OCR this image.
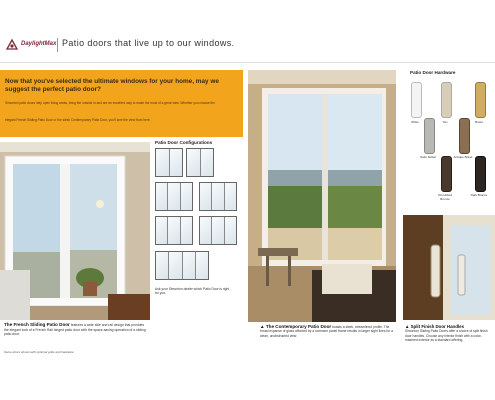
DaylightMax Patio doors that live up to our windows.
Now that you've selected the ultimate windows for your home, may we suggest the perfect patio door?
Simonton patio doors help open living areas, bring the outside in and are an excellent way to make the most of a great view. Whether you choose the
elegant French Sliding Patio Door or the sleek Contemporary Patio Door, you'll love the view from here.
The French Sliding Patio Door features a wide stile and rail design that provides the elegant look of a French Rail hinged patio door with the space-saving operation of a sliding patio door.
Some doors shown with optional grids and hardware
Patio Door Configurations
Ask your Simonton dealer which Patio Door is right for you.
▲ The Contemporary Patio Door boasts a sleek, streamlined profile. The broad expanse of glass afforded by a narrower panel frame results in larger sight lines for a clean, unobstructed view.
Patio Door Hardware
White	Tan	Brass
Satin Nickel	Antique Brass
Oil-rubbed Bronze
Dark Bronze
▲ Split Finish Door Handles
Simonton Sliding Patio Doors offer a choice of split finish door handles. Choose any interior finish with a color-matched exterior as a standard offering.
